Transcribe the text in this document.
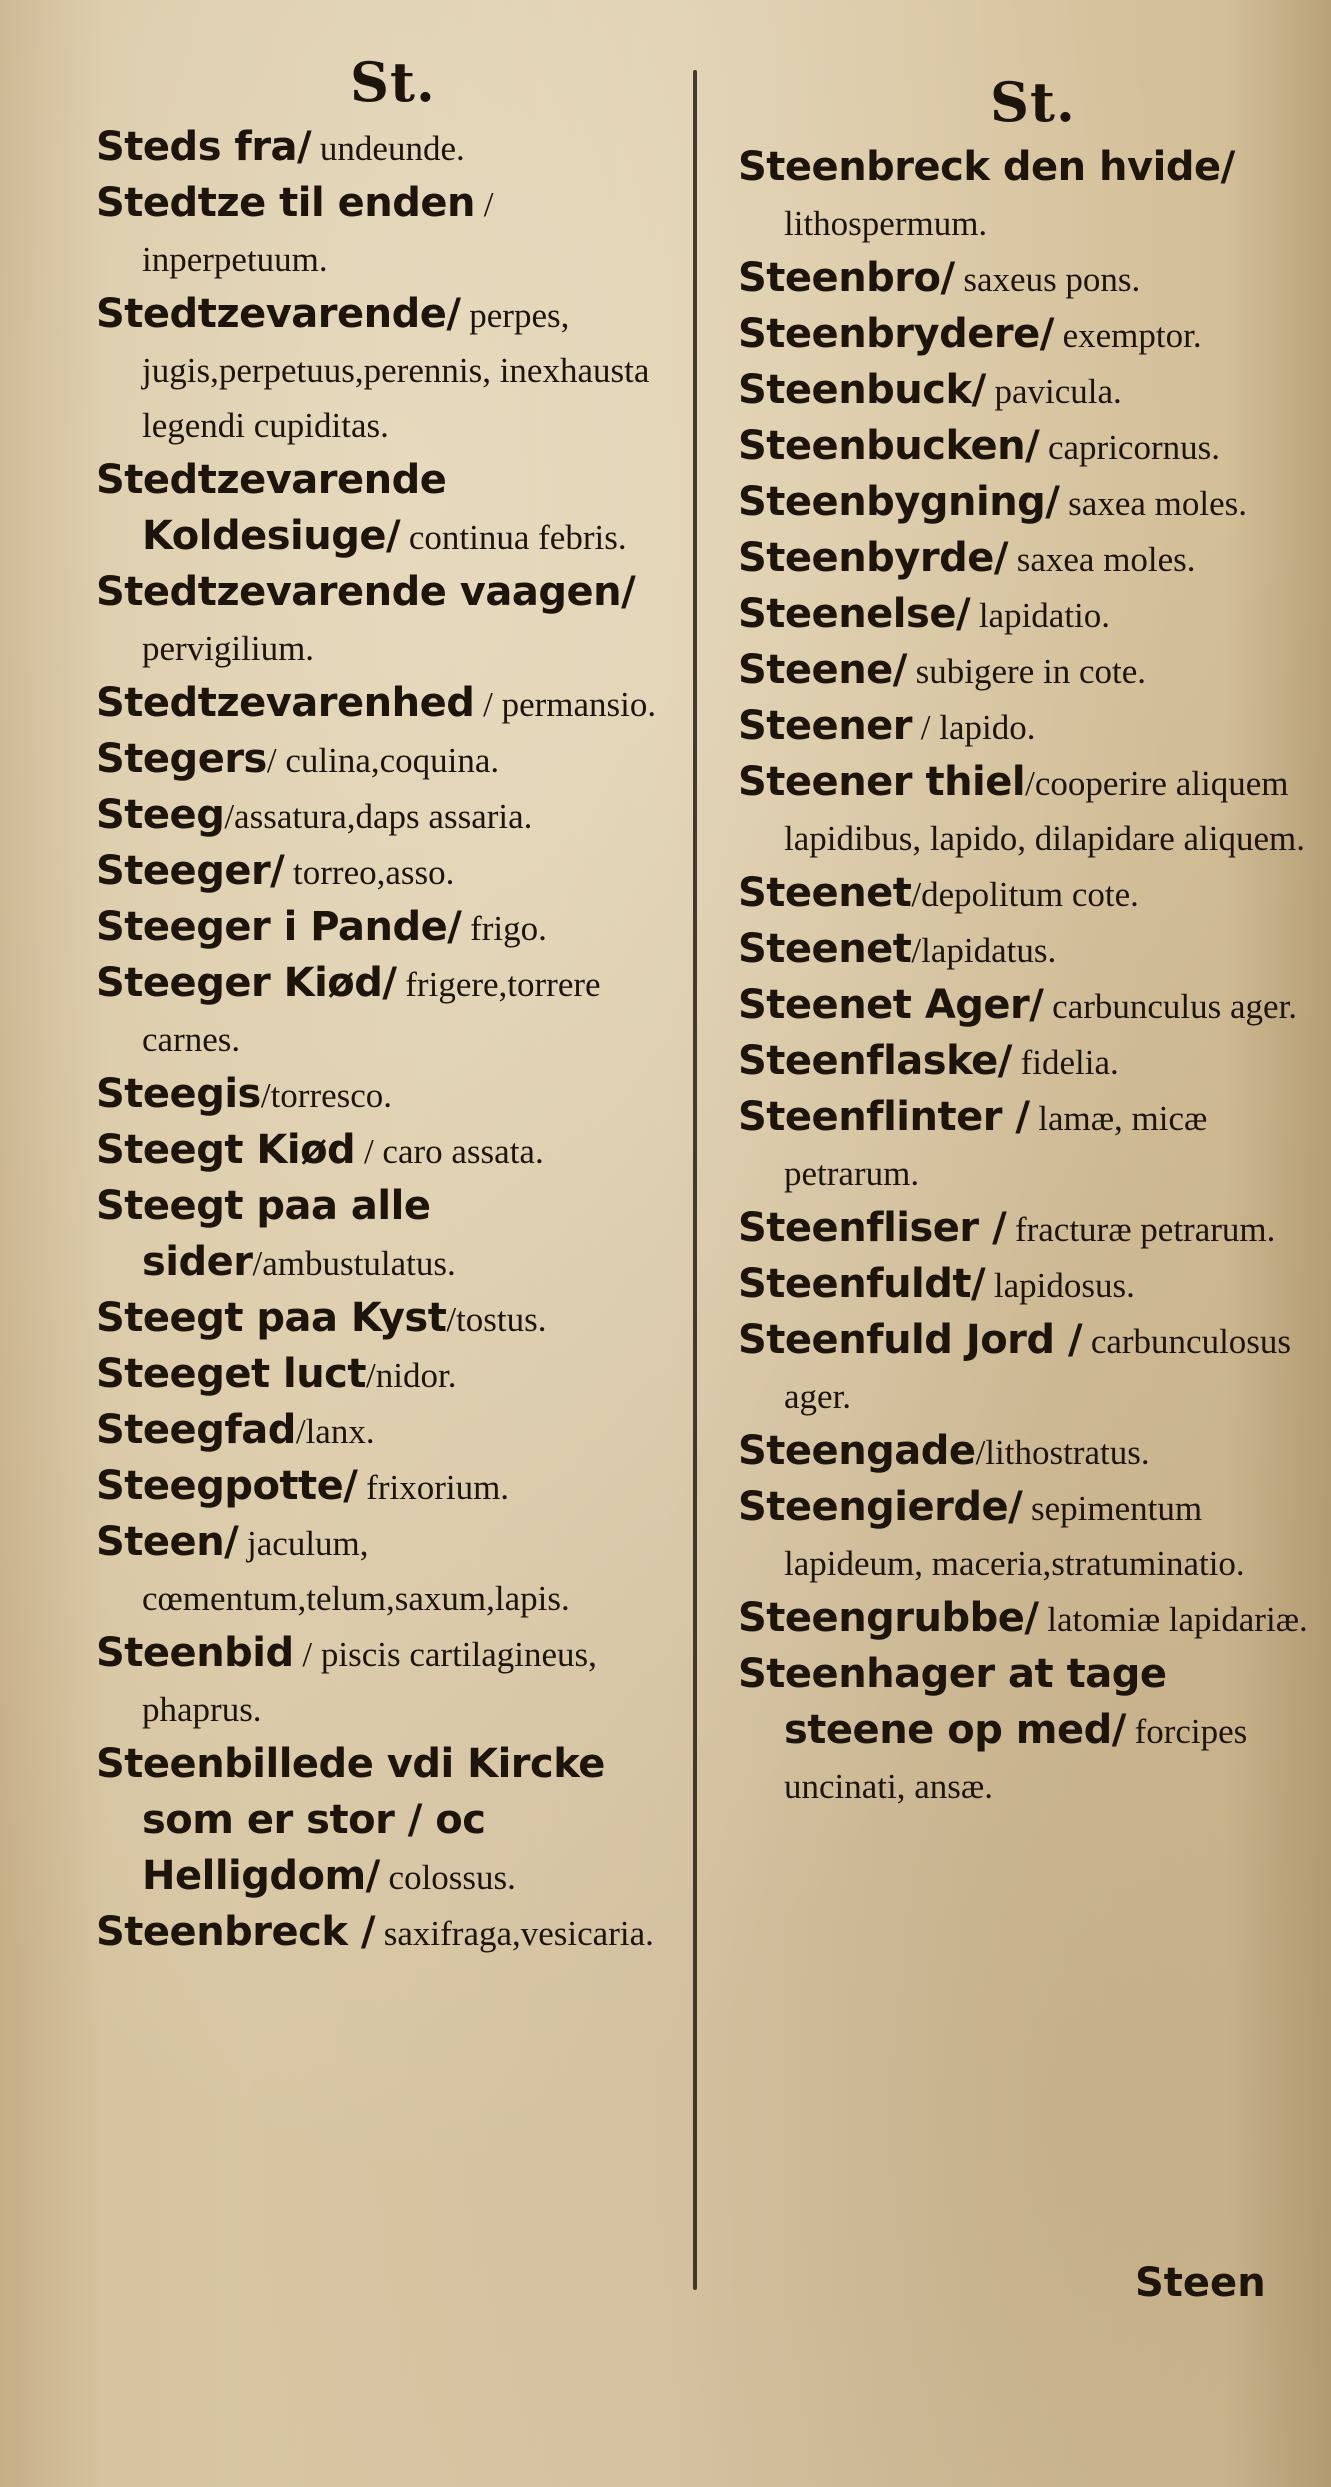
St.	St.

Steds fra/ undeunde.

Stedtze til enden / inperpetuum.

Stedtzevarende/ perpes, jugis,perpetuus,perennis, inexhausta legendi cupiditas.

Stedtzevarende Koldesiuge/ continua febris.

Stedtzevarende vaagen/ pervigilium.

Stedtzevarenhed / permansio.

Stegers/ culina,coquina.

Steeg/assatura,daps assaria.

Steeger/ torreo,asso.

Steeger i Pande/ frigo.

Steeger Kiød/ frigere,torrere carnes.

Steegis/torresco.

Steegt Kiød / caro assata.

Steegt paa alle sider/ambustulatus.

Steegt paa Kyst/tostus.

Steeget luct/nidor.

Steegfad/lanx.

Steegpotte/ frixorium.

Steen/ jaculum, cœmentum,telum,saxum,lapis.

Steenbid / piscis cartilagineus, phaprus.

Steenbillede vdi Kircke som er stor / oc Helligdom/ colossus.

Steenbreck / saxifraga,vesicaria.

Steenbreck den hvide/ lithospermum.

Steenbro/ saxeus pons.

Steenbrydere/ exemptor.

Steenbuck/ pavicula.

Steenbucken/ capricornus.

Steenbygning/ saxea moles.

Steenbyrde/ saxea moles.

Steenelse/ lapidatio.

Steene/ subigere in cote.

Steener / lapido.

Steener thiel/cooperire aliquem lapidibus, lapido, dilapidare aliquem.

Steenet/depolitum cote.

Steenet/lapidatus.

Steenet Ager/ carbunculus ager.

Steenflaske/ fidelia.

Steenflinter / lamæ, micæ petrarum.

Steenfliser / fracturæ petrarum.

Steenfuldt/ lapidosus.

Steenfuld Jord / carbunculosus ager.

Steengade/lithostratus.

Steengierde/ sepimentum lapideum, maceria,stratuminatio.

Steengrubbe/ latomiæ lapidariæ.

Steenhager at tage steene op med/ forcipes uncinati, ansæ.

Steen
